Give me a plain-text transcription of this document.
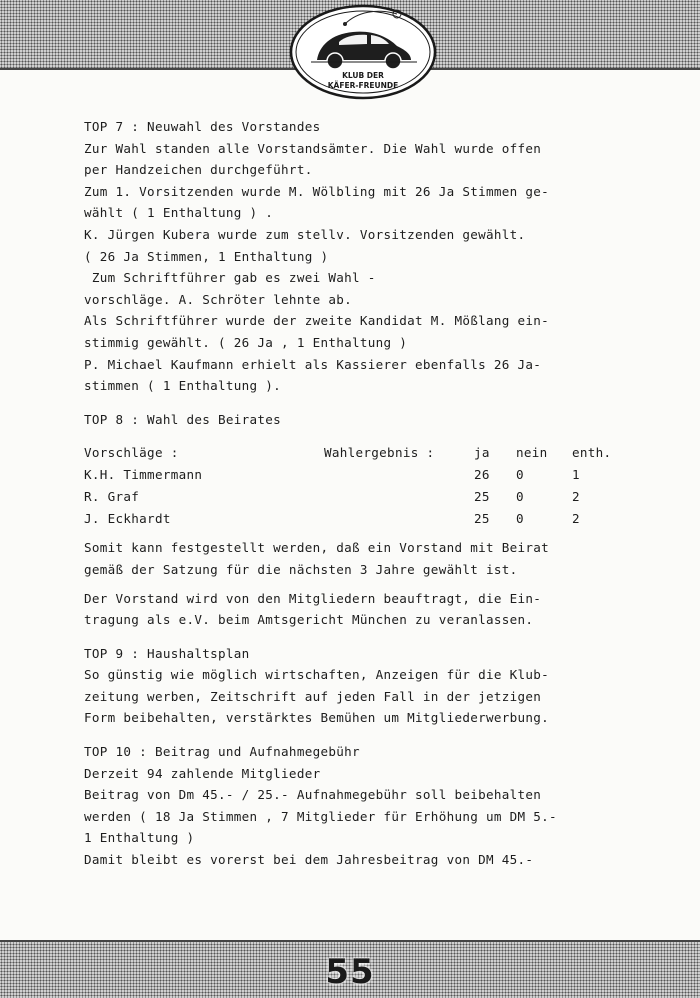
KLUB DER
KÄFER-FREUNDE
TOP 7 : Neuwahl des Vorstandes
Zur Wahl standen alle Vorstandsämter. Die Wahl wurde offen
per Handzeichen durchgeführt.
Zum 1. Vorsitzenden wurde M. Wölbling mit 26 Ja Stimmen ge-
wählt ( 1 Enthaltung ) .
K. Jürgen Kubera wurde zum stellv. Vorsitzenden gewählt.
( 26 Ja Stimmen, 1 Enthaltung )
Zum Schriftführer gab es zwei Wahl -
vorschläge. A. Schröter lehnte ab.
Als Schriftführer wurde der zweite Kandidat M. Mößlang ein-
stimmig gewählt. ( 26 Ja , 1 Enthaltung )
P. Michael Kaufmann erhielt als Kassierer ebenfalls 26 Ja-
stimmen ( 1 Enthaltung ).
TOP 8 : Wahl des Beirates
Vorschläge : Wahlergebnis :	ja	nein	enth.
K.H. Timmermann	26	0	1
R. Graf	25	0	2
J. Eckhardt	25	0	2
Somit kann festgestellt werden, daß ein Vorstand mit Beirat
gemäß der Satzung für die nächsten 3 Jahre gewählt ist.
Der Vorstand wird von den Mitgliedern beauftragt, die Ein-
tragung als e.V. beim Amtsgericht München zu veranlassen.
TOP 9 : Haushaltsplan
So günstig wie möglich wirtschaften, Anzeigen für die Klub-
zeitung werben, Zeitschrift auf jeden Fall in der jetzigen
Form beibehalten, verstärktes Bemühen um Mitgliederwerbung.
TOP 10 : Beitrag und Aufnahmegebühr
Derzeit 94 zahlende Mitglieder
Beitrag von Dm 45.- / 25.- Aufnahmegebühr soll beibehalten
werden ( 18 Ja Stimmen , 7 Mitglieder für Erhöhung um DM 5.-
1 Enthaltung )
Damit bleibt es vorerst bei dem Jahresbeitrag von DM 45.-
55
